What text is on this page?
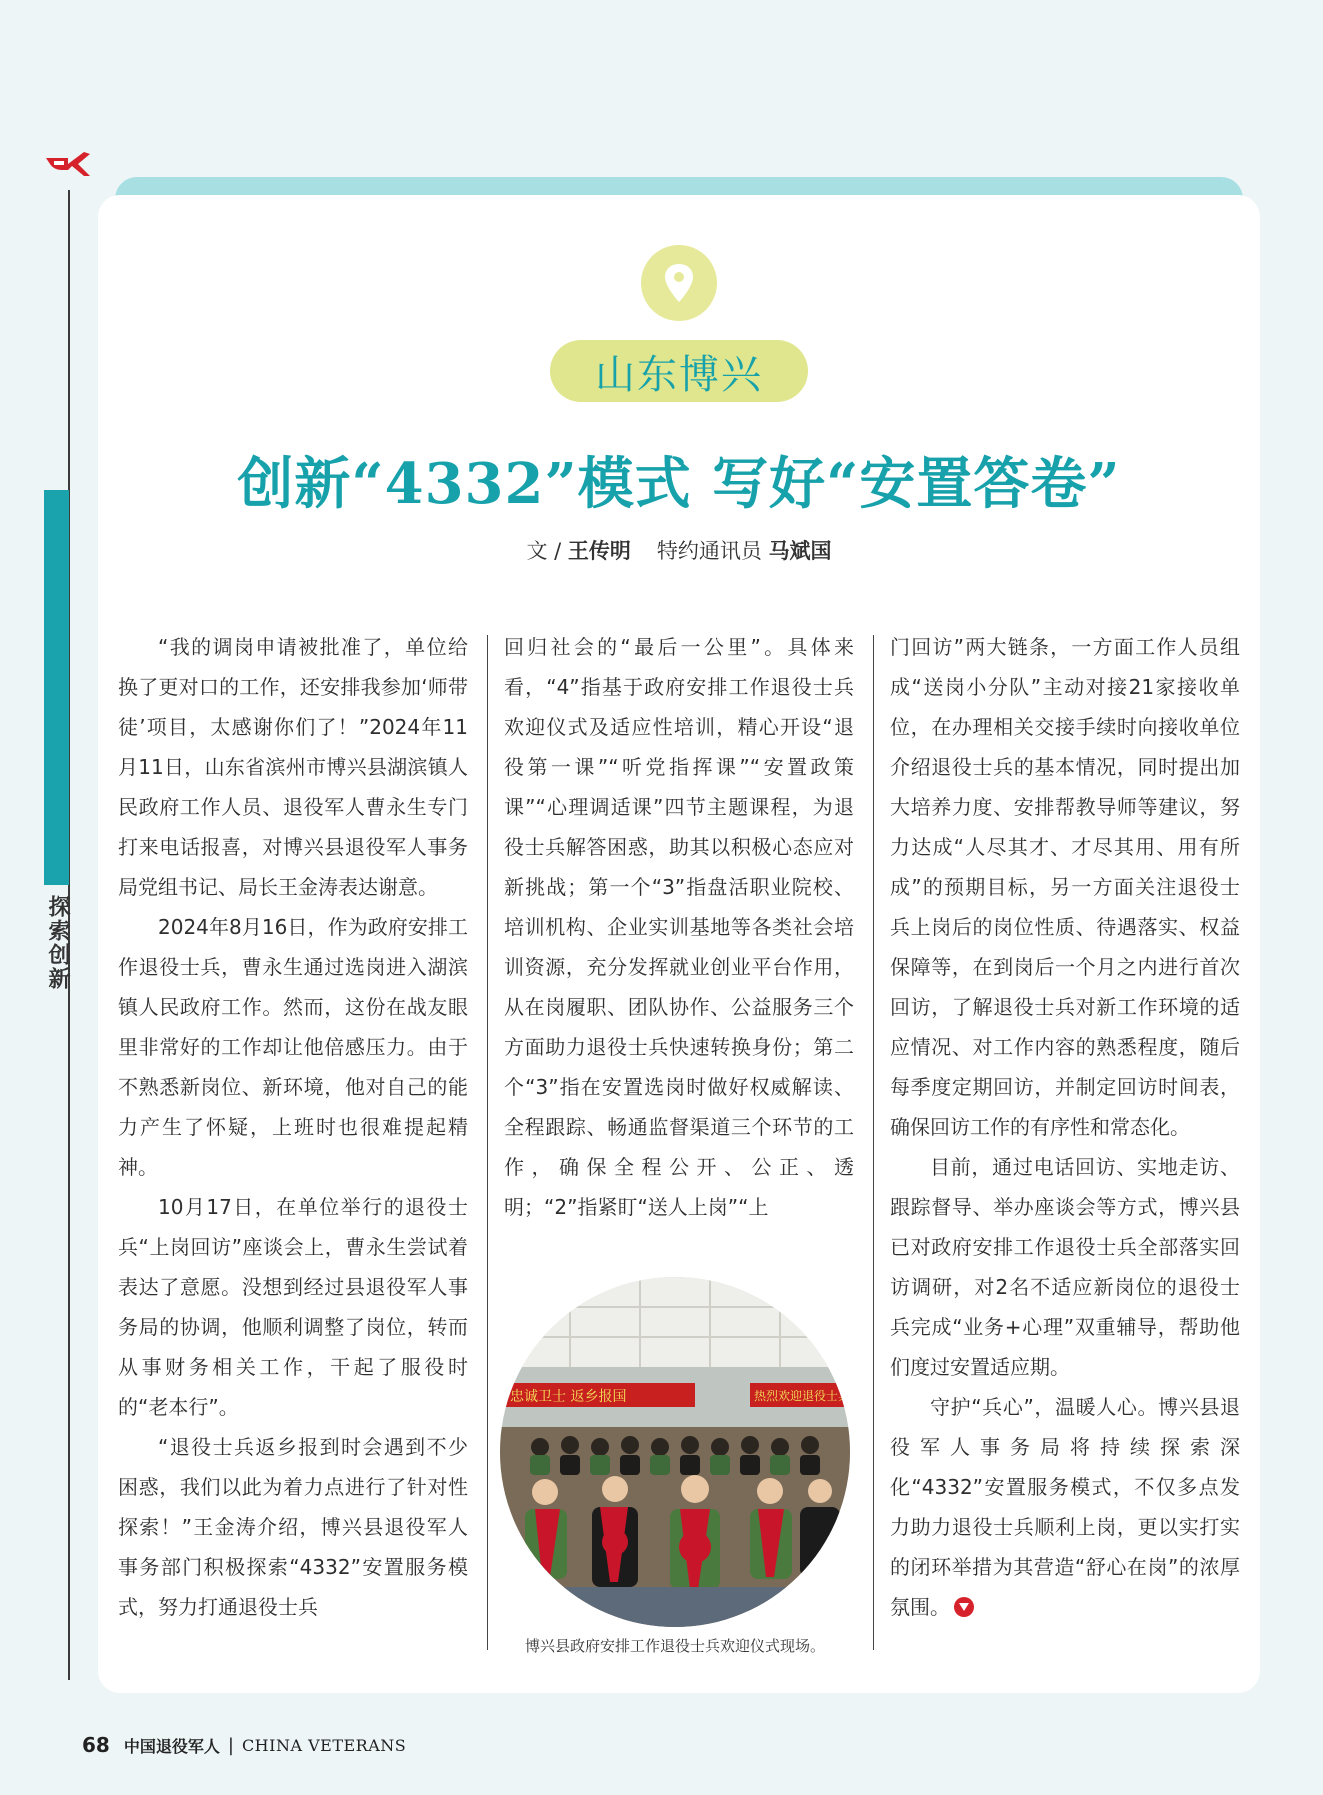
探索创新
山东博兴
创新“4332”模式 写好“安置答卷”
文 / 王传明 特约通讯员 马斌国

“我的调岗申请被批准了，单位给换了更对口的工作，还安排我参加‘师带徒’项目，太感谢你们了！”2024年11月11日，山东省滨州市博兴县湖滨镇人民政府工作人员、退役军人曹永生专门打来电话报喜，对博兴县退役军人事务局党组书记、局长王金涛表达谢意。

2024年8月16日，作为政府安排工作退役士兵，曹永生通过选岗进入湖滨镇人民政府工作。然而，这份在战友眼里非常好的工作却让他倍感压力。由于不熟悉新岗位、新环境，他对自己的能力产生了怀疑，上班时也很难提起精神。

10月17日，在单位举行的退役士兵“上岗回访”座谈会上，曹永生尝试着表达了意愿。没想到经过县退役军人事务局的协调，他顺利调整了岗位，转而从事财务相关工作，干起了服役时的“老本行”。

“退役士兵返乡报到时会遇到不少困惑，我们以此为着力点进行了针对性探索！”王金涛介绍，博兴县退役军人事务部门积极探索“4332”安置服务模式，努力打通退役士兵

回归社会的“最后一公里”。具体来看，“4”指基于政府安排工作退役士兵欢迎仪式及适应性培训，精心开设“退役第一课”“听党指挥课”“安置政策课”“心理调适课”四节主题课程，为退役士兵解答困惑，助其以积极心态应对新挑战；第一个“3”指盘活职业院校、培训机构、企业实训基地等各类社会培训资源，充分发挥就业创业平台作用，从在岗履职、团队协作、公益服务三个方面助力退役士兵快速转换身份；第二个“3”指在安置选岗时做好权威解读、全程跟踪、畅通监督渠道三个环节的工作，确保全程公开、公正、透明；“2”指紧盯“送人上岗”“上

门回访”两大链条，一方面工作人员组成“送岗小分队”主动对接21家接收单位，在办理相关交接手续时向接收单位介绍退役士兵的基本情况，同时提出加大培养力度、安排帮教导师等建议，努力达成“人尽其才、才尽其用、用有所成”的预期目标，另一方面关注退役士兵上岗后的岗位性质、待遇落实、权益保障等，在到岗后一个月之内进行首次回访，了解退役士兵对新工作环境的适应情况、对工作内容的熟悉程度，随后每季度定期回访，并制定回访时间表，确保回访工作的有序性和常态化。

目前，通过电话回访、实地走访、跟踪督导、举办座谈会等方式，博兴县已对政府安排工作退役士兵全部落实回访调研，对2名不适应新岗位的退役士兵完成“业务+心理”双重辅导，帮助他们度过安置适应期。

守护“兵心”，温暖人心。博兴县退役军人事务局将持续探索深化“4332”安置服务模式，不仅多点发力助力退役士兵顺利上岗，更以实打实的闭环举措为其营造“舒心在岗”的浓厚氛围。

忠诚卫士 返乡报国	热烈欢迎退役士兵
博兴县政府安排工作退役士兵欢迎仪式现场。
68 中国退役军人 | CHINA VETERANS
